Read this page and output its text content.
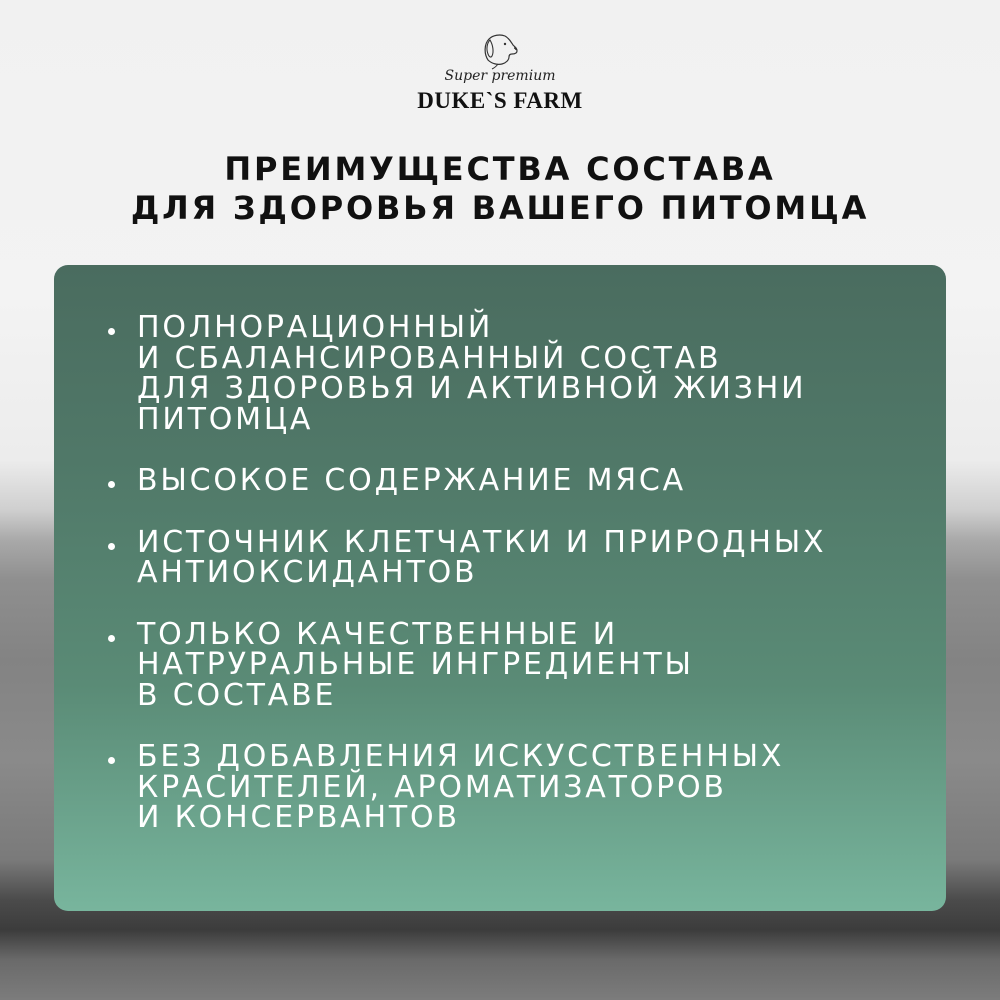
Super premium
DUKE`S FARM
ПРЕИМУЩЕСТВА СОСТАВА
ДЛЯ ЗДОРОВЬЯ ВАШЕГО ПИТОМЦА
ПОЛНОРАЦИОННЫЙ
И СБАЛАНСИРОВАННЫЙ СОСТАВ
ДЛЯ ЗДОРОВЬЯ И АКТИВНОЙ ЖИЗНИ
ПИТОМЦА
ВЫСОКОЕ СОДЕРЖАНИЕ МЯСА
ИСТОЧНИК КЛЕТЧАТКИ И ПРИРОДНЫХ
АНТИОКСИДАНТОВ
ТОЛЬКО КАЧЕСТВЕННЫЕ И
НАТРУРАЛЬНЫЕ ИНГРЕДИЕНТЫ
В СОСТАВЕ
БЕЗ ДОБАВЛЕНИЯ ИСКУССТВЕННЫХ
КРАСИТЕЛЕЙ, АРОМАТИЗАТОРОВ
И КОНСЕРВАНТОВ
